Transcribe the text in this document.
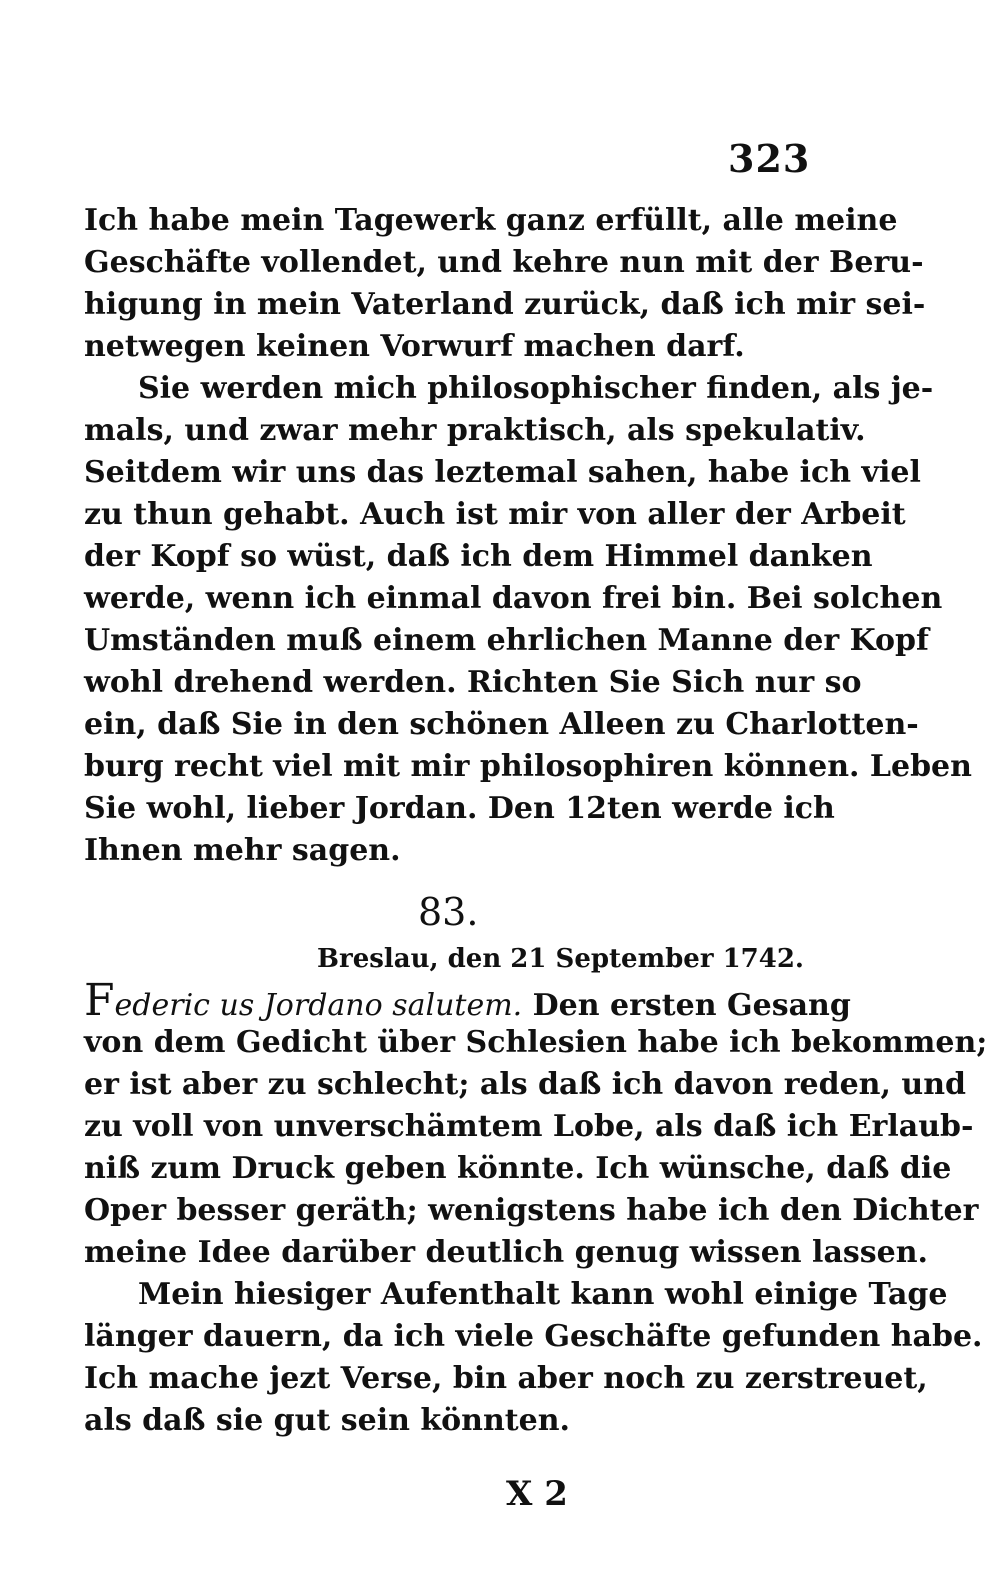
323
Ich habe mein Tagewerk ganz erfüllt, alle meine
Geschäfte vollendet, und kehre nun mit der Beru-
higung in mein Vaterland zurück, daß ich mir sei-
netwegen keinen Vorwurf machen darf.
Sie werden mich philosophischer finden, als je-
mals, und zwar mehr praktisch, als spekulativ.
Seitdem wir uns das leztemal sahen, habe ich viel
zu thun gehabt. Auch ist mir von aller der Arbeit
der Kopf so wüst, daß ich dem Himmel danken
werde, wenn ich einmal davon frei bin. Bei solchen
Umständen muß einem ehrlichen Manne der Kopf
wohl drehend werden. Richten Sie Sich nur so
ein, daß Sie in den schönen Alleen zu Charlotten-
burg recht viel mit mir philosophiren können. Leben
Sie wohl, lieber Jordan. Den 12ten werde ich
Ihnen mehr sagen.
83.
Breslau, den 21 September 1742.
Federic us Jordano salutem. Den ersten Gesang
von dem Gedicht über Schlesien habe ich bekommen;
er ist aber zu schlecht; als daß ich davon reden, und
zu voll von unverschämtem Lobe, als daß ich Erlaub-
niß zum Druck geben könnte. Ich wünsche, daß die
Oper besser geräth; wenigstens habe ich den Dichter
meine Idee darüber deutlich genug wissen lassen.
Mein hiesiger Aufenthalt kann wohl einige Tage
länger dauern, da ich viele Geschäfte gefunden habe.
Ich mache jezt Verse, bin aber noch zu zerstreuet,
als daß sie gut sein könnten.
X 2
